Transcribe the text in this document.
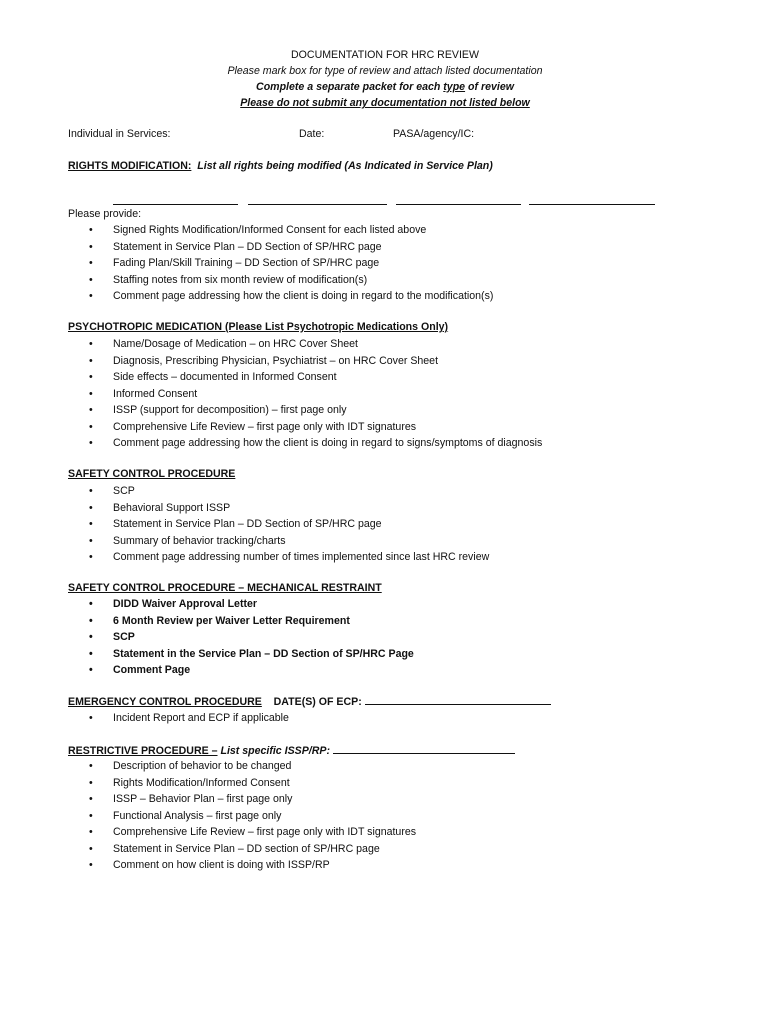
DOCUMENTATION FOR HRC REVIEW
Please mark box for type of review and attach listed documentation
Complete a separate packet for each type of review
Please do not submit any documentation not listed below
Individual in Services:	Date:	PASA/agency/IC:
RIGHTS MODIFICATION: List all rights being modified (As Indicated in Service Plan)
Please provide:
• Signed Rights Modification/Informed Consent for each listed above
• Statement in Service Plan – DD Section of SP/HRC page
• Fading Plan/Skill Training – DD Section of SP/HRC page
• Staffing notes from six month review of modification(s)
• Comment page addressing how the client is doing in regard to the modification(s)
PSYCHOTROPIC MEDICATION (Please List Psychotropic Medications Only)
• Name/Dosage of Medication – on HRC Cover Sheet
• Diagnosis, Prescribing Physician, Psychiatrist – on HRC Cover Sheet
• Side effects – documented in Informed Consent
• Informed Consent
• ISSP (support for decomposition) – first page only
• Comprehensive Life Review – first page only with IDT signatures
• Comment page addressing how the client is doing in regard to signs/symptoms of diagnosis
SAFETY CONTROL PROCEDURE
• SCP
• Behavioral Support ISSP
• Statement in Service Plan – DD Section of SP/HRC page
• Summary of behavior tracking/charts
• Comment page addressing number of times implemented since last HRC review
SAFETY CONTROL PROCEDURE – MECHANICAL RESTRAINT
• DIDD Waiver Approval Letter
• 6 Month Review per Waiver Letter Requirement
• SCP
• Statement in the Service Plan – DD Section of SP/HRC Page
• Comment Page
EMERGENCY CONTROL PROCEDURE DATE(S) OF ECP:
• Incident Report and ECP if applicable
RESTRICTIVE PROCEDURE – List specific ISSP/RP:
• Description of behavior to be changed
• Rights Modification/Informed Consent
• ISSP – Behavior Plan – first page only
• Functional Analysis – first page only
• Comprehensive Life Review – first page only with IDT signatures
• Statement in Service Plan – DD section of SP/HRC page
• Comment on how client is doing with ISSP/RP
